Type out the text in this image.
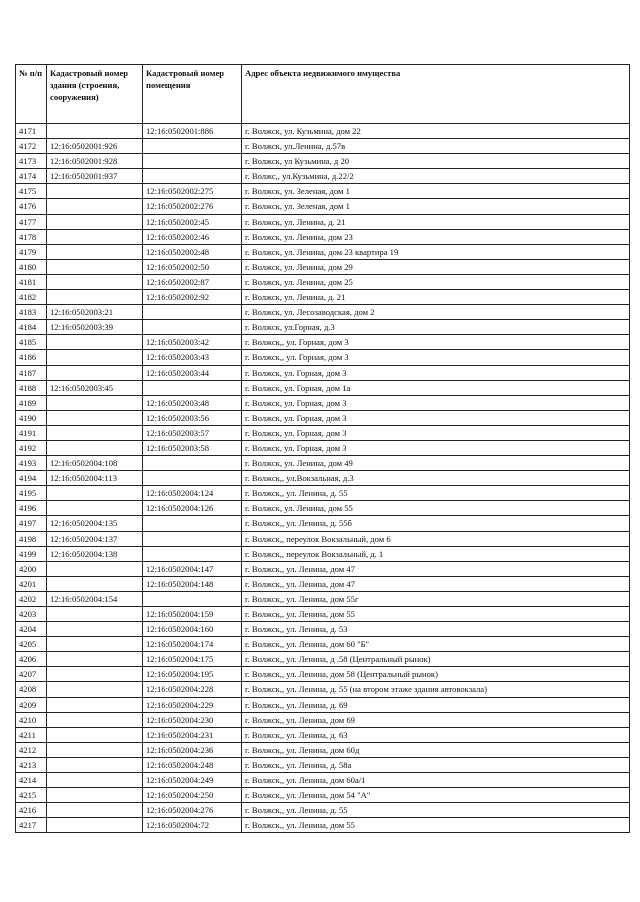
№ п/п	Кадастровый номер здания (строения, сооружения)	Кадастровый номер помещения	Адрес объекта недвижимого имущества
4171		12:16:0502001:886	г. Волжск, ул. Кузьмина, дом 22
4172	12:16:0502001:926		г. Волжск, ул.Ленина, д.57в
4173	12:16:0502001:928		г. Волжск, ул Кузьмина, д 20
4174	12:16:0502001:937		г. Волжс,, ул.Кузьмина, д.22/2
4175		12:16:0502002:275	г. Волжск, ул. Зеленая, дом 1
4176		12:16:0502002:276	г. Волжск, ул. Зеленая, дом 1
4177		12:16:0502002:45	г. Волжск, ул. Ленина, д. 21
4178		12:16:0502002:46	г. Волжск, ул. Ленина, дом 23
4179		12:16:0502002:48	г. Волжск, ул. Ленина, дом 23 квартира 19
4180		12:16:0502002:50	г. Волжск, ул. Ленина, дом 29
4181		12:16:0502002:87	г. Волжск, ул. Ленина, дом 25
4182		12:16:0502002:92	г. Волжск, ул. Ленина, д. 21
4183	12:16:0502003:21		г. Волжск, ул. Лесозаводская, дом 2
4184	12:16:0502003:39		г. Волжск, ул.Горная, д.3
4185		12:16:0502003:42	г. Волжск,, ул. Горная, дом 3
4186		12:16:0502003:43	г. Волжск,, ул. Горная, дом 3
4187		12:16:0502003:44	г. Волжск, ул. Горная, дом 3
4188	12:16:0502003:45		г. Волжск, ул. Горная, дом 1а
4189		12:16:0502003:48	г. Волжск, ул. Горная, дом 3
4190		12:16:0502003:56	г. Волжск, ул. Горная, дом 3
4191		12:16:0502003:57	г. Волжск, ул. Горная, дом 3
4192		12:16:0502003:58	г. Волжск, ул. Горная, дом 3
4193	12:16:0502004:108		г. Волжск, ул. Ленина, дом 49
4194	12:16:0502004:113		г. Волжск,, ул.Вокзальная, д.3
4195		12:16:0502004:124	г. Волжск,, ул. Ленина, д. 55
4196		12:16:0502004:126	г. Волжск, ул. Ленина, дом 55
4197	12:16:0502004:135		г. Волжск,, ул. Ленина, д. 55б
4198	12:16:0502004:137		г. Волжск,, переулок Вокзальный, дом 6
4199	12:16:0502004:138		г. Волжск,, переулок Вокзальный, д. 1
4200		12:16:0502004:147	г. Волжск,, ул. Ленина, дом 47
4201		12:16:0502004:148	г. Волжск,, ул. Ленина, дом 47
4202	12:16:0502004:154		г. Волжск,, ул. Ленина, дом 55г
4203		12:16:0502004:159	г. Волжск,, ул. Ленина, дом 55
4204		12:16:0502004:160	г. Волжск,, ул. Ленина, д. 53
4205		12:16:0502004:174	г. Волжск,, ул. Ленина, дом 60 "Б"
4206		12:16:0502004:175	г. Волжск,, ул. Ленина, д .58 (Центральный рынок)
4207		12:16:0502004:195	г. Волжск,, ул. Ленина, дом 58 (Центральный рынок)
4208		12:16:0502004:228	г. Волжск,, ул. Ленина, д. 55 (на втором этаже здания автовокзала)
4209		12:16:0502004:229	г. Волжск,, ул. Ленина, д. 69
4210		12:16:0502004:230	г. Волжск,, ул. Ленина, дом 69
4211		12:16:0502004:231	г. Волжск,, ул. Ленина, д. 63
4212		12:16:0502004:236	г. Волжск,, ул. Ленина, дом 60д
4213		12:16:0502004:248	г. Волжск,, ул. Ленина, д. 58а
4214		12:16:0502004:249	г. Волжск,, ул. Ленина, дом 60а/1
4215		12:16:0502004:250	г. Волжск,, ул. Ленина, дом 54 "А"
4216		12:16:0502004:276	г. Волжск,, ул. Ленина, д. 55
4217		12:16:0502004:72	г. Волжск,, ул. Ленина, дом 55
